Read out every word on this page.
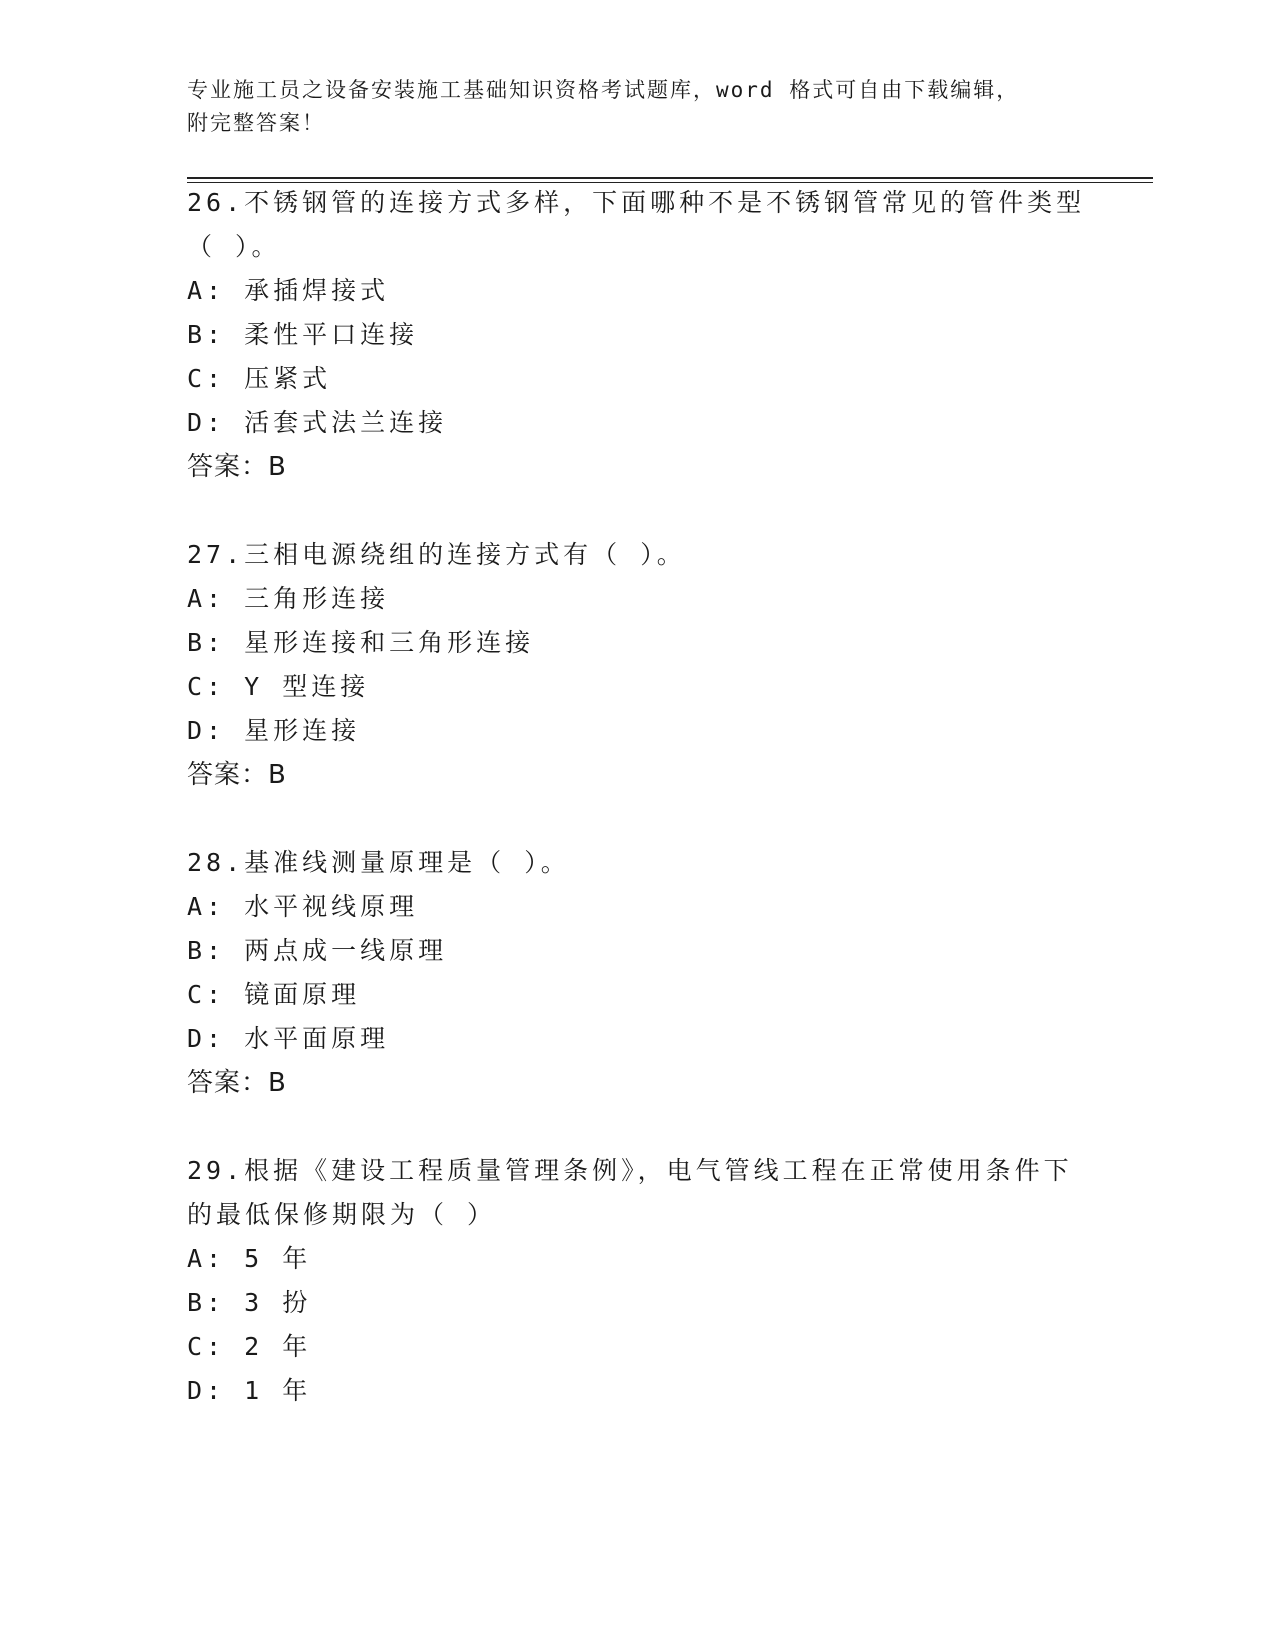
专业施工员之设备安装施工基础知识资格考试题库，word 格式可自由下载编辑，
附完整答案！
26.不锈钢管的连接方式多样，下面哪种不是不锈钢管常见的管件类型
（ ）。
A: 承插焊接式
B: 柔性平口连接
C: 压紧式
D: 活套式法兰连接
答案：B
27.三相电源绕组的连接方式有（ ）。
A: 三角形连接
B: 星形连接和三角形连接
C: Y 型连接
D: 星形连接
答案：B
28.基准线测量原理是（ ）。
A: 水平视线原理
B: 两点成一线原理
C: 镜面原理
D: 水平面原理
答案：B
29.根据《建设工程质量管理条例》，电气管线工程在正常使用条件下
的最低保修期限为（ ）
A: 5 年
B: 3 扮
C: 2 年
D: 1 年
